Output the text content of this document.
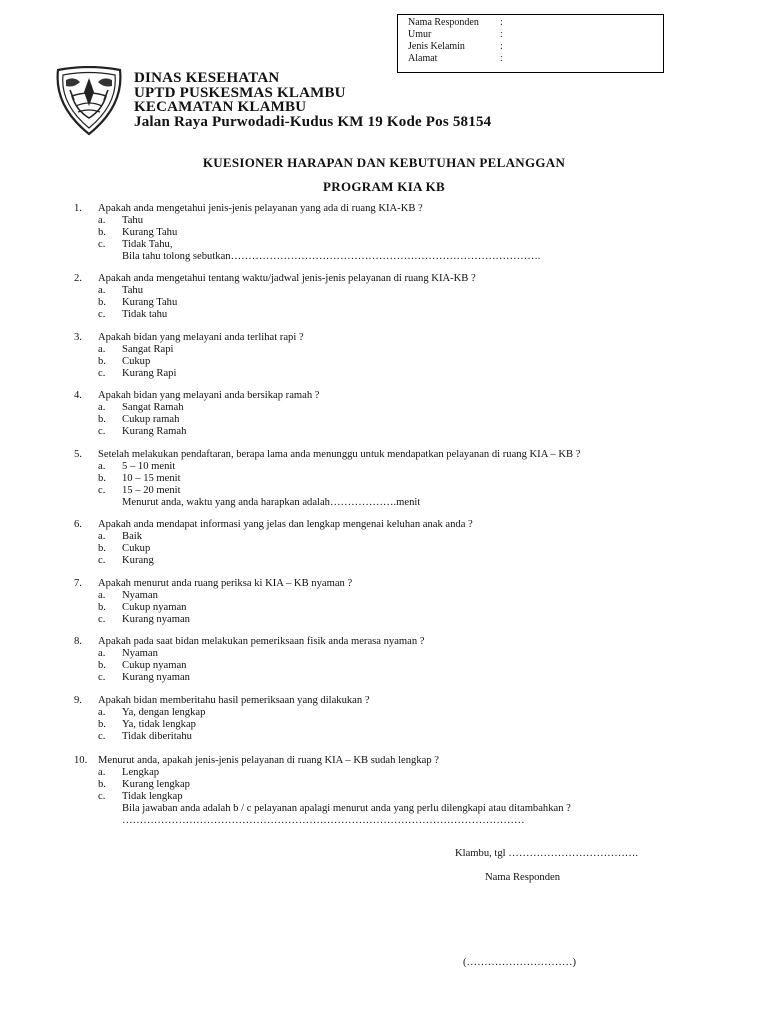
Nama Responden	:
Umur	:
Jenis Kelamin	:
Alamat	:
DINAS KESEHATAN
UPTD PUSKESMAS KLAMBU
KECAMATAN KLAMBU
Jalan Raya Purwodadi-Kudus KM 19 Kode Pos 58154
KUESIONER HARAPAN DAN KEBUTUHAN PELANGGAN
PROGRAM KIA KB
1. Apakah anda mengetahui jenis-jenis pelayanan yang ada di ruang KIA-KB ?
a. Tahu
b. Kurang Tahu
c. Tidak Tahu,
Bila tahu tolong sebutkan…………………………………………………………………………….
2. Apakah anda mengetahui tentang waktu/jadwal jenis-jenis pelayanan di ruang KIA-KB ?
a. Tahu
b. Kurang Tahu
c. Tidak tahu
3. Apakah bidan yang melayani anda terlihat rapi ?
a. Sangat Rapi
b. Cukup
c. Kurang Rapi
4. Apakah bidan yang melayani anda bersikap ramah ?
a. Sangat Ramah
b. Cukup ramah
c. Kurang Ramah
5. Setelah melakukan pendaftaran, berapa lama anda menunggu untuk mendapatkan pelayanan di ruang KIA – KB ?
a. 5 – 10 menit
b. 10 – 15 menit
c. 15 – 20 menit
Menurut anda, waktu yang anda harapkan adalah……………….menit
6. Apakah anda mendapat informasi yang jelas dan lengkap mengenai keluhan anak anda ?
a. Baik
b. Cukup
c. Kurang
7. Apakah menurut anda ruang periksa ki KIA – KB nyaman ?
a. Nyaman
b. Cukup nyaman
c. Kurang nyaman
8. Apakah pada saat bidan melakukan pemeriksaan fisik anda merasa nyaman ?
a. Nyaman
b. Cukup nyaman
c. Kurang nyaman
9. Apakah bidan memberitahu hasil pemeriksaan yang dilakukan ?
a. Ya, dengan lengkap
b. Ya, tidak lengkap
c. Tidak diberitahu
10. Menurut anda, apakah jenis-jenis pelayanan di ruang KIA – KB sudah lengkap ?
a. Lengkap
b. Kurang lengkap
c. Tidak lengkap
Bila jawaban anda adalah b / c pelayanan apalagi menurut anda yang perlu dilengkapi atau ditambahkan ?
……………………………………………………………………………………………………
Klambu, tgl ……………………………….
Nama Responden
(…………………………)
